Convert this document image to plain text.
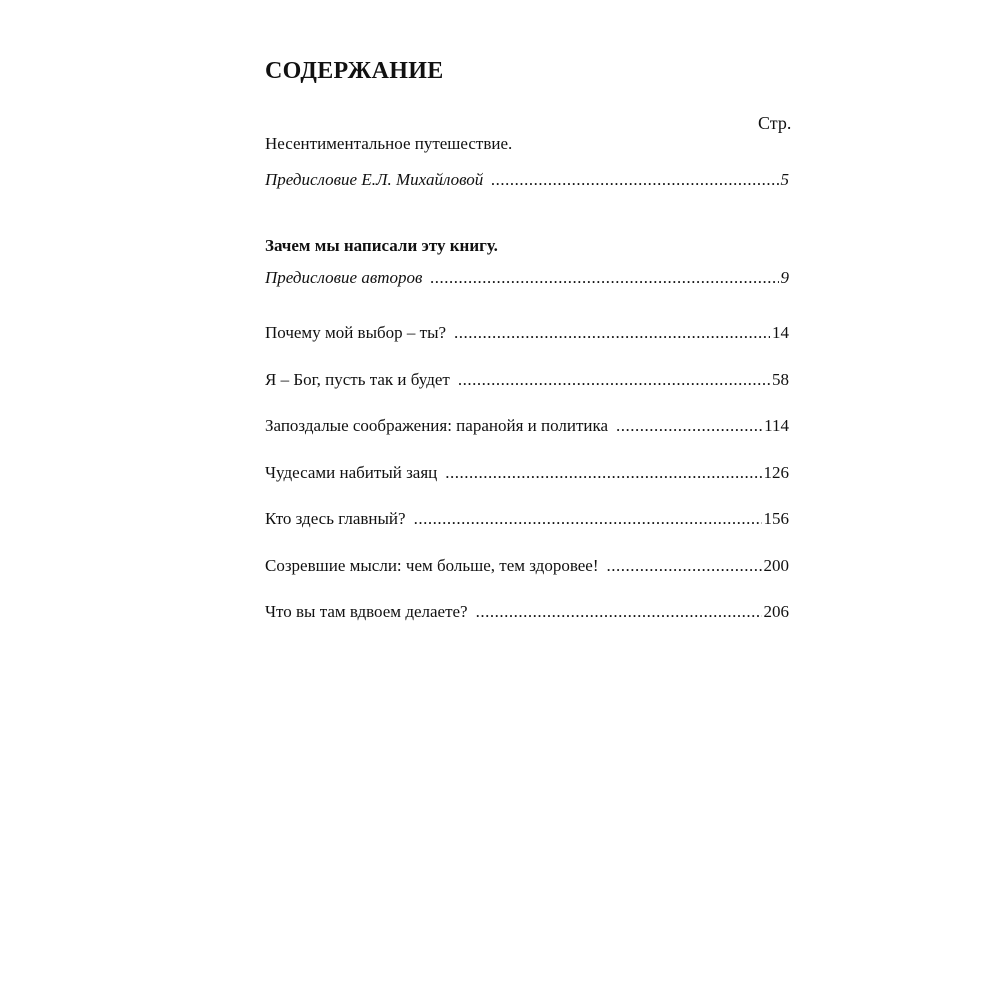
СОДЕРЖАНИЕ
Стр.
Несентиментальное путешествие.
Предисловие Е.Л. Михайловой .....	5
Зачем мы написали эту книгу.
Предисловие авторов .....	9
Почему мой выбор – ты? .....	14
Я – Бог, пусть так и будет .....	58
Запоздалые соображения: паранойя и политика .....	114
Чудесами набитый заяц .....	126
Кто здесь главный? .....	156
Созревшие мысли: чем больше, тем здоровее! .....	200
Что вы там вдвоем делаете? .....	206
